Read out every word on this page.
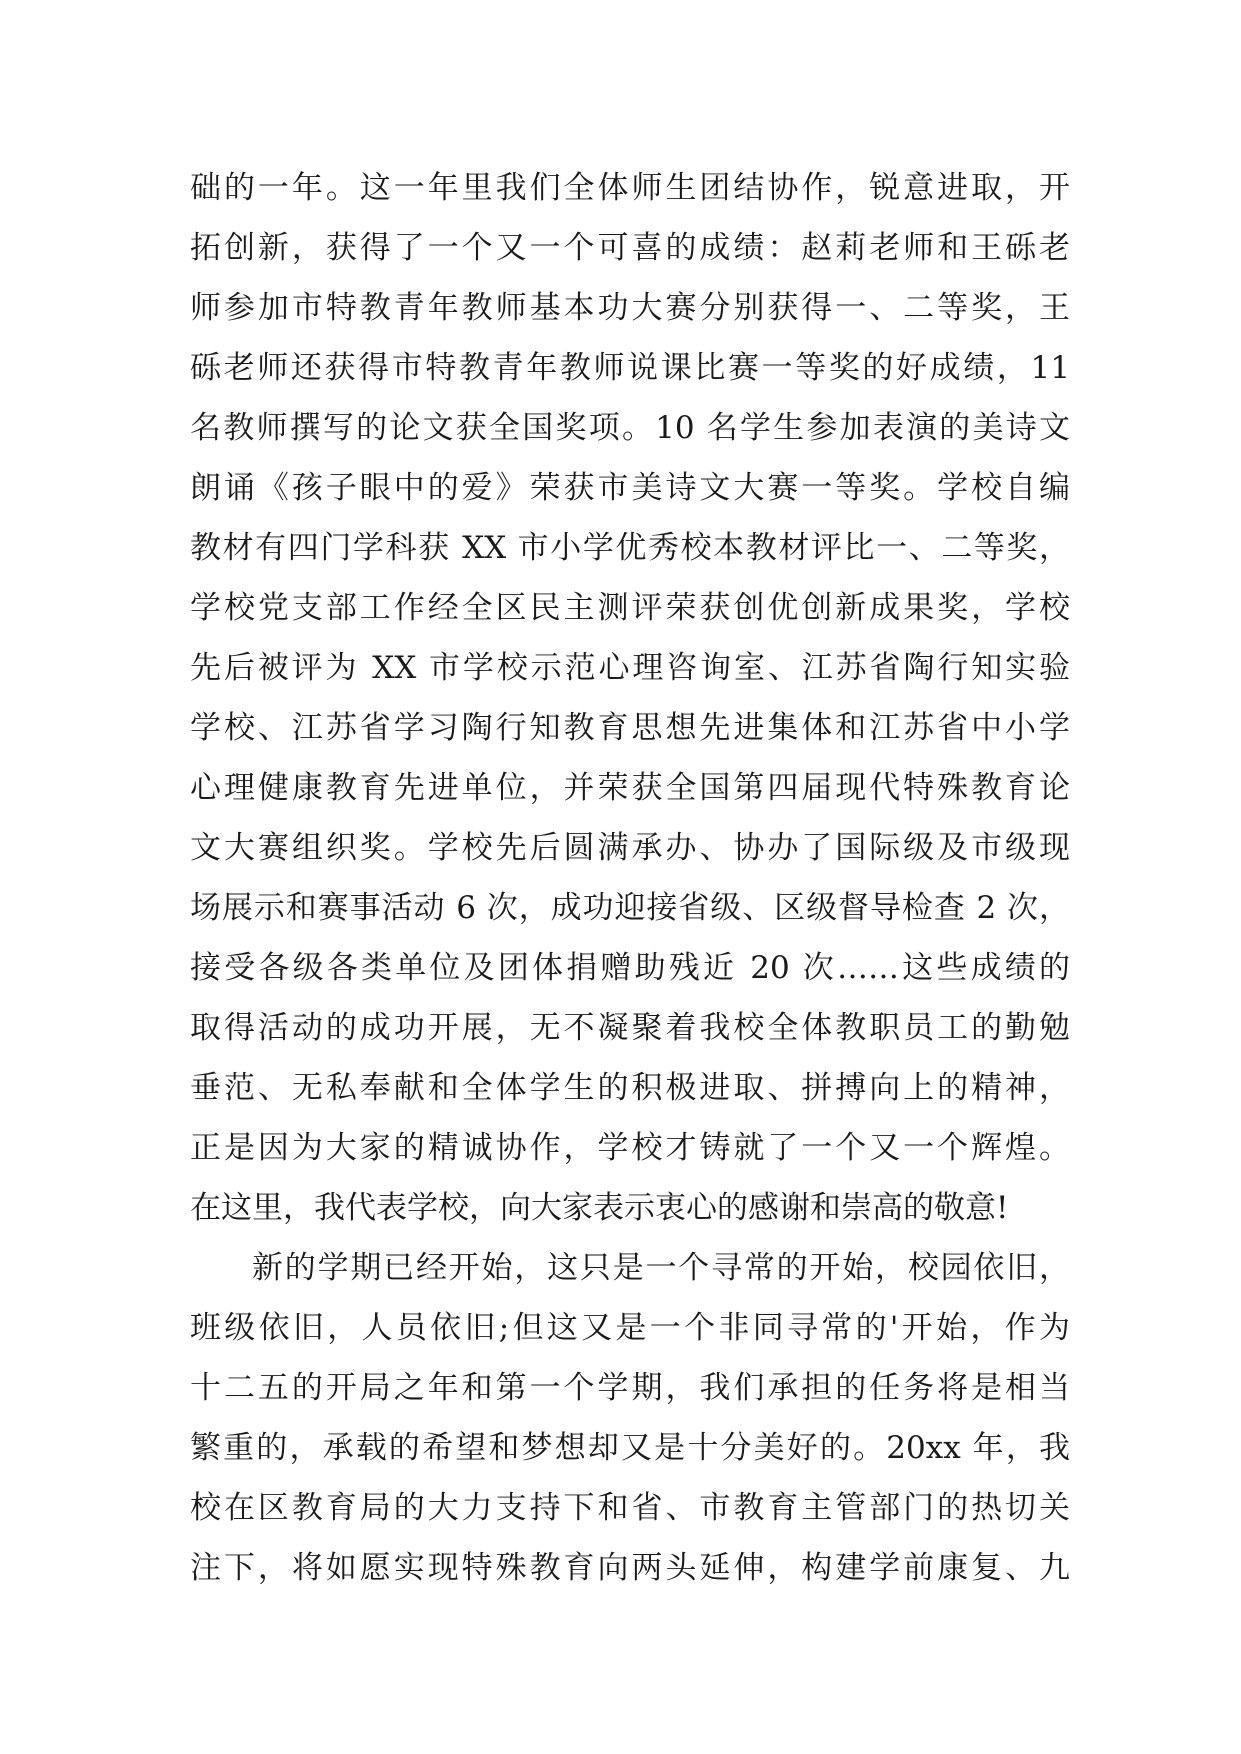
础的一年。这一年里我们全体师生团结协作，锐意进取，开
拓创新，获得了一个又一个可喜的成绩：赵莉老师和王砾老
师参加市特教青年教师基本功大赛分别获得一、二等奖，王
砾老师还获得市特教青年教师说课比赛一等奖的好成绩，11
名教师撰写的论文获全国奖项。10 名学生参加表演的美诗文
朗诵《孩子眼中的爱》荣获市美诗文大赛一等奖。学校自编
教材有四门学科获 XX 市小学优秀校本教材评比一、二等奖，
学校党支部工作经全区民主测评荣获创优创新成果奖，学校
先后被评为 XX 市学校示范心理咨询室、江苏省陶行知实验
学校、江苏省学习陶行知教育思想先进集体和江苏省中小学
心理健康教育先进单位，并荣获全国第四届现代特殊教育论
文大赛组织奖。学校先后圆满承办、协办了国际级及市级现
场展示和赛事活动 6 次，成功迎接省级、区级督导检查 2 次，
接受各级各类单位及团体捐赠助残近 20 次……这些成绩的
取得活动的成功开展，无不凝聚着我校全体教职员工的勤勉
垂范、无私奉献和全体学生的积极进取、拼搏向上的精神，
正是因为大家的精诚协作，学校才铸就了一个又一个辉煌。
在这里，我代表学校，向大家表示衷心的感谢和崇高的敬意!
新的学期已经开始，这只是一个寻常的开始，校园依旧，
班级依旧，人员依旧;但这又是一个非同寻常的'开始，作为
十二五的开局之年和第一个学期，我们承担的任务将是相当
繁重的，承载的希望和梦想却又是十分美好的。20xx 年，我
校在区教育局的大力支持下和省、市教育主管部门的热切关
注下，将如愿实现特殊教育向两头延伸，构建学前康复、九
